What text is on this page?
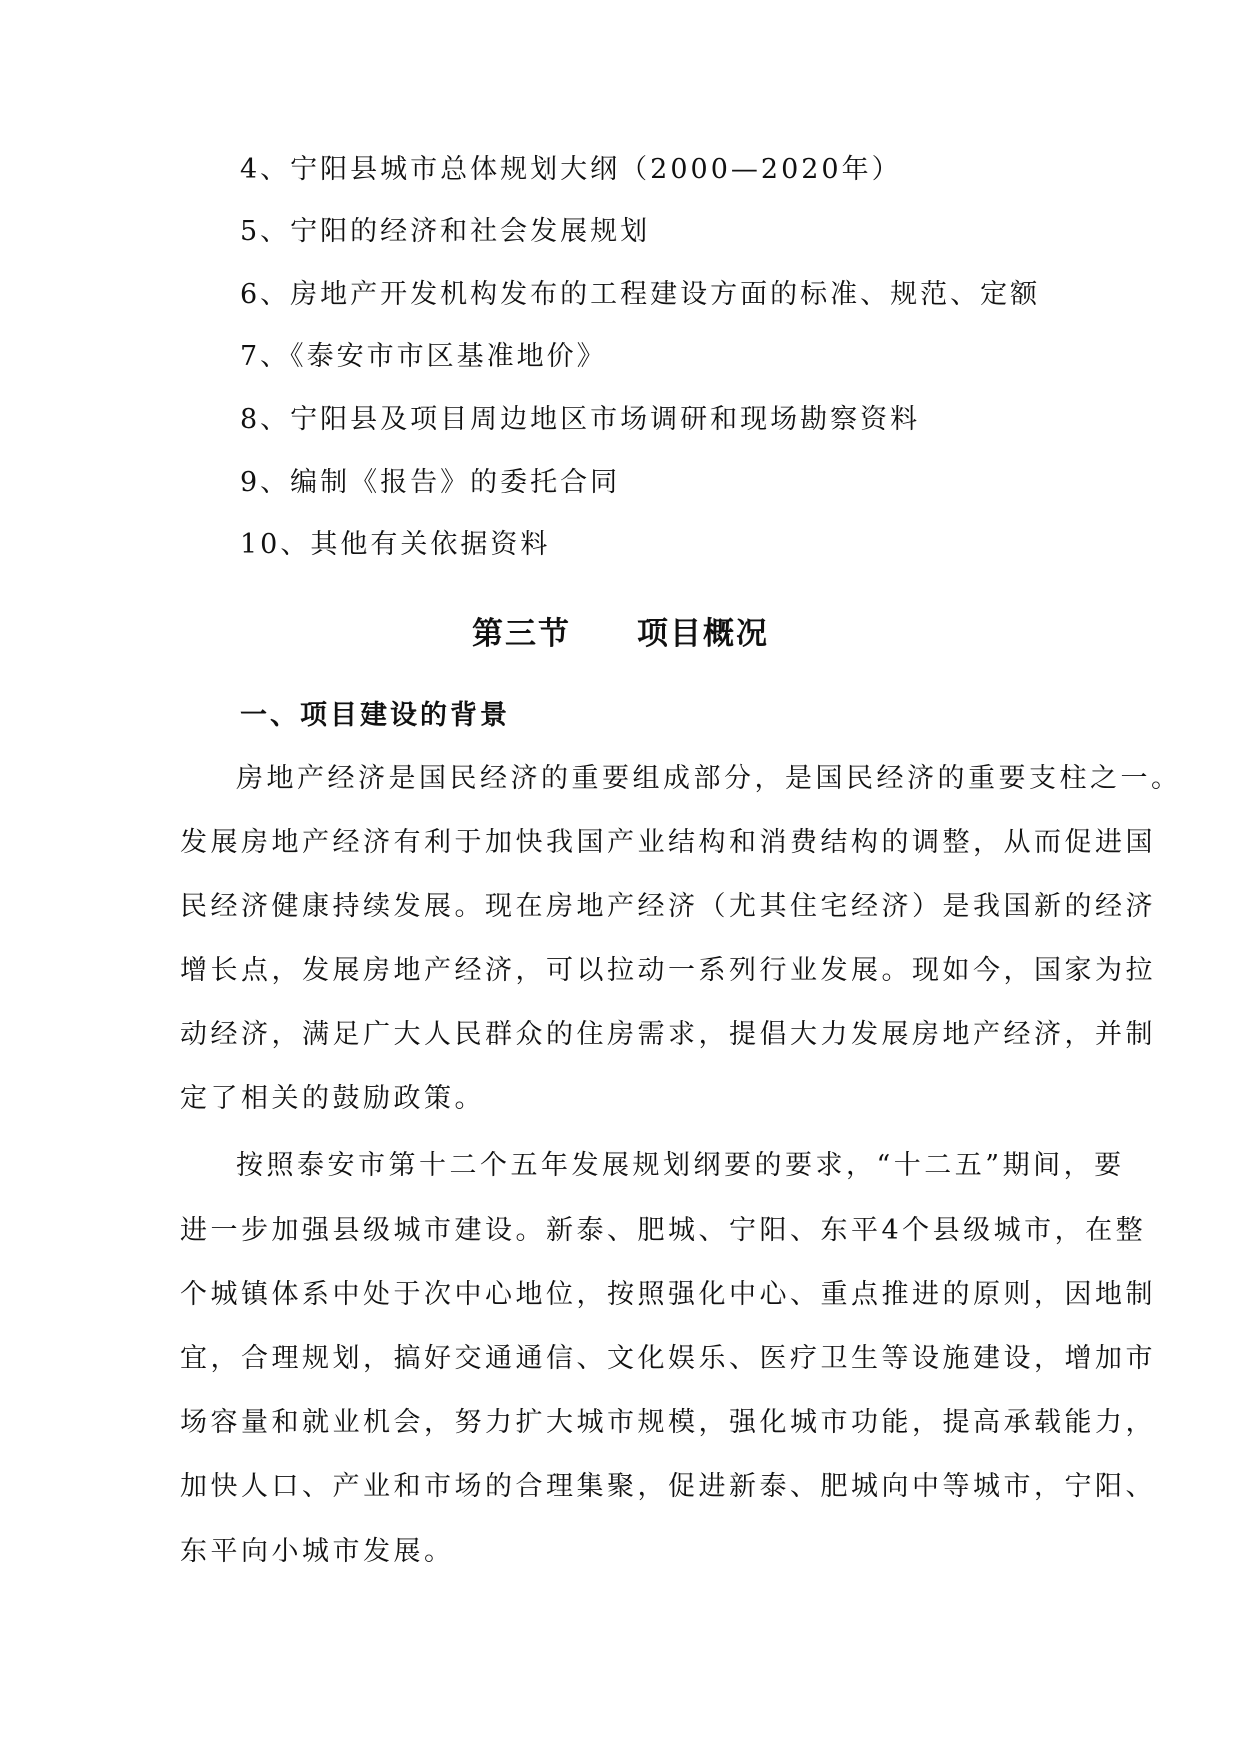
4、宁阳县城市总体规划大纲（2000—2020年）
5、宁阳的经济和社会发展规划
6、房地产开发机构发布的工程建设方面的标准、规范、定额
7、《泰安市市区基准地价》
8、宁阳县及项目周边地区市场调研和现场勘察资料
9、编制《报告》的委托合同
10、其他有关依据资料
第三节　　项目概况
一、项目建设的背景
房地产经济是国民经济的重要组成部分，是国民经济的重要支柱之一。
发展房地产经济有利于加快我国产业结构和消费结构的调整，从而促进国
民经济健康持续发展。现在房地产经济（尤其住宅经济）是我国新的经济
增长点，发展房地产经济，可以拉动一系列行业发展。现如今，国家为拉
动经济，满足广大人民群众的住房需求，提倡大力发展房地产经济，并制
定了相关的鼓励政策。
按照泰安市第十二个五年发展规划纲要的要求，“十二五”期间，要
进一步加强县级城市建设。新泰、肥城、宁阳、东平4个县级城市，在整
个城镇体系中处于次中心地位，按照强化中心、重点推进的原则，因地制
宜，合理规划，搞好交通通信、文化娱乐、医疗卫生等设施建设，增加市
场容量和就业机会，努力扩大城市规模，强化城市功能，提高承载能力，
加快人口、产业和市场的合理集聚，促进新泰、肥城向中等城市，宁阳、
东平向小城市发展。
